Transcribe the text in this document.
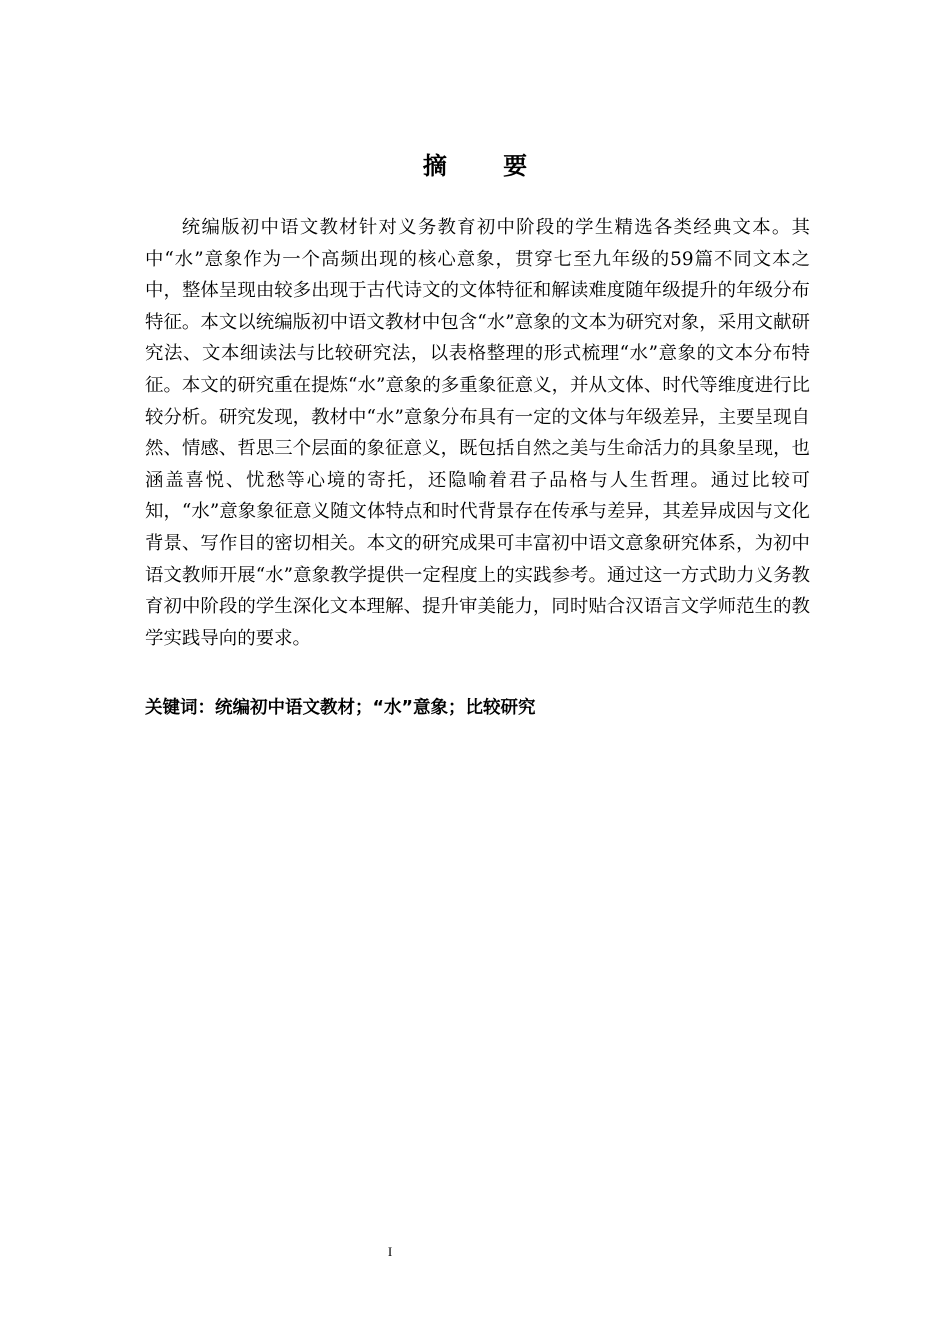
摘 要

统编版初中语文教材针对义务教育初中阶段的学生精选各类经典文本。其中“水”意象作为一个高频出现的核心意象，贯穿七至九年级的59篇不同文本之中，整体呈现由较多出现于古代诗文的文体特征和解读难度随年级提升的年级分布特征。本文以统编版初中语文教材中包含“水”意象的文本为研究对象，采用文献研究法、文本细读法与比较研究法，以表格整理的形式梳理“水”意象的文本分布特征。本文的研究重在提炼“水”意象的多重象征意义，并从文体、时代等维度进行比较分析。研究发现，教材中“水”意象分布具有一定的文体与年级差异，主要呈现自然、情感、哲思三个层面的象征意义，既包括自然之美与生命活力的具象呈现，也涵盖喜悦、忧愁等心境的寄托，还隐喻着君子品格与人生哲理。通过比较可知，“水”意象象征意义随文体特点和时代背景存在传承与差异，其差异成因与文化背景、写作目的密切相关。本文的研究成果可丰富初中语文意象研究体系，为初中语文教师开展“水”意象教学提供一定程度上的实践参考。通过这一方式助力义务教育初中阶段的学生深化文本理解、提升审美能力，同时贴合汉语言文学师范生的教学实践导向的要求。

关键词：统编初中语文教材；“水”意象；比较研究
I
